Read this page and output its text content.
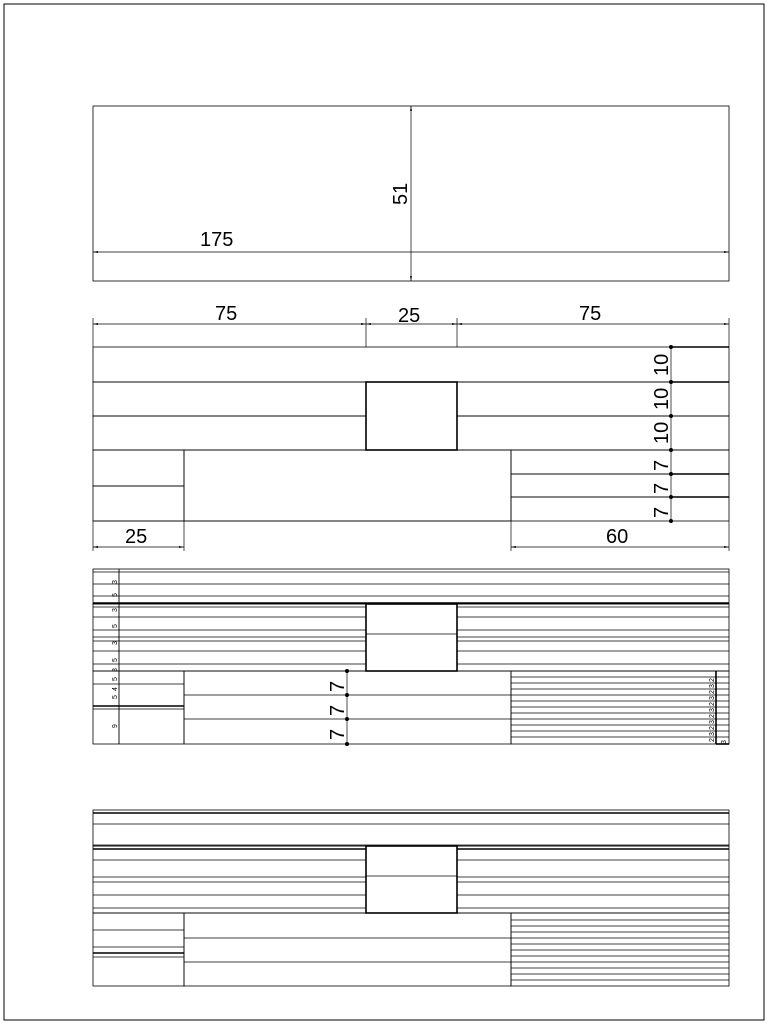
175
51
75	25	75
10
10
10
7
7
7
25	60
3
5
3
5
3
5
3
5
4
5
9
7
7
7
2
3
2
3
2
3
2
3
2
3
2
3
